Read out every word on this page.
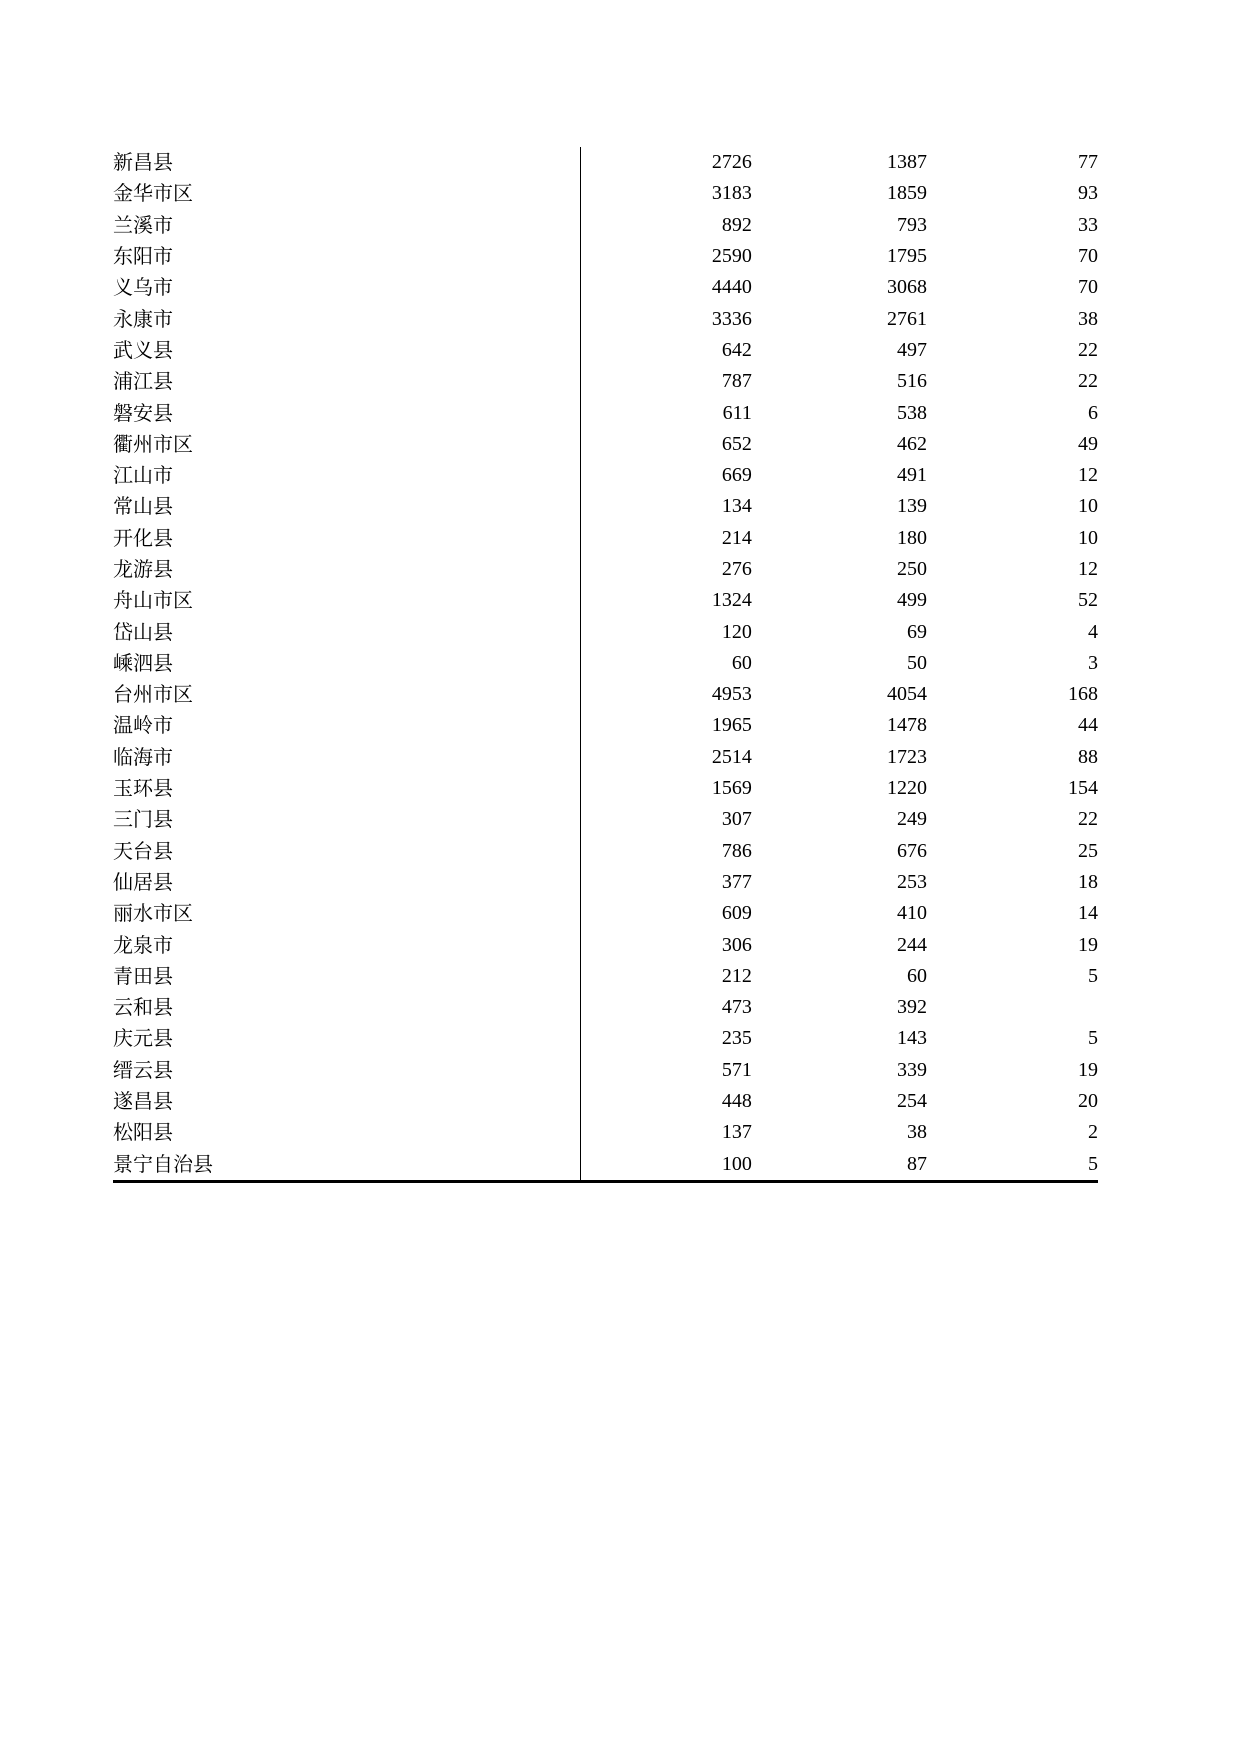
新昌县	2726	1387	77
金华市区	3183	1859	93
兰溪市	892	793	33
东阳市	2590	1795	70
义乌市	4440	3068	70
永康市	3336	2761	38
武义县	642	497	22
浦江县	787	516	22
磐安县	611	538	6
衢州市区	652	462	49
江山市	669	491	12
常山县	134	139	10
开化县	214	180	10
龙游县	276	250	12
舟山市区	1324	499	52
岱山县	120	69	4
嵊泗县	60	50	3
台州市区	4953	4054	168
温岭市	1965	1478	44
临海市	2514	1723	88
玉环县	1569	1220	154
三门县	307	249	22
天台县	786	676	25
仙居县	377	253	18
丽水市区	609	410	14
龙泉市	306	244	19
青田县	212	60	5
云和县	473	392	
庆元县	235	143	5
缙云县	571	339	19
遂昌县	448	254	20
松阳县	137	38	2
景宁自治县	100	87	5
